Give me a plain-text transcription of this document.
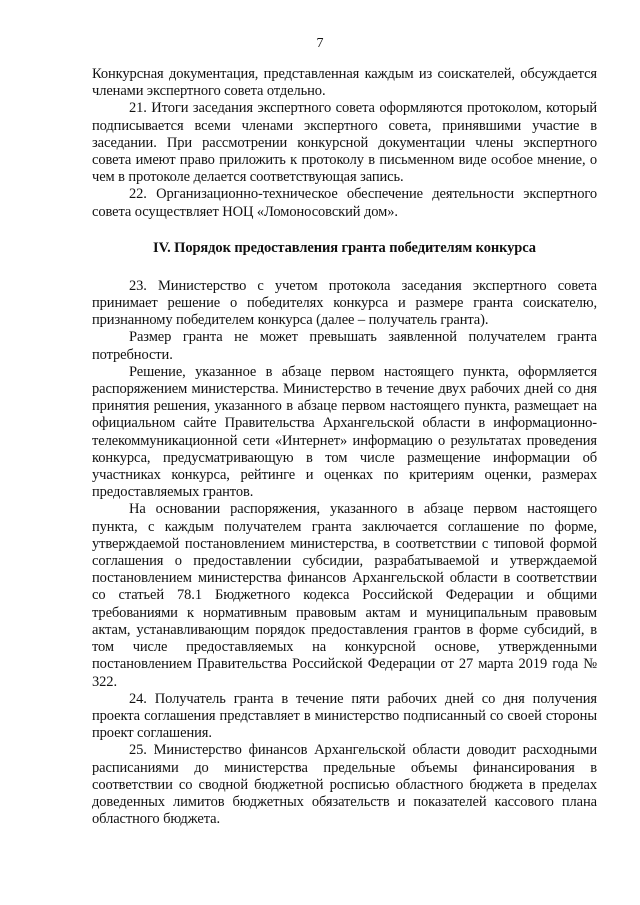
7

Конкурсная документация, представленная каждым из соискателей, обсуждается членами экспертного совета отдельно.

21. Итоги заседания экспертного совета оформляются протоколом, который подписывается всеми членами экспертного совета, принявшими участие в заседании. При рассмотрении конкурсной документации члены экспертного совета имеют право приложить к протоколу в письменном виде особое мнение, о чем в протоколе делается соответствующая запись.

22. Организационно-техническое обеспечение деятельности экспертного совета осуществляет НОЦ «Ломоносовский дом».

IV. Порядок предоставления гранта победителям конкурса

23. Министерство с учетом протокола заседания экспертного совета принимает решение о победителях конкурса и размере гранта соискателю, признанному победителем конкурса (далее – получатель гранта).

Размер гранта не может превышать заявленной получателем гранта потребности.

Решение, указанное в абзаце первом настоящего пункта, оформляется распоряжением министерства. Министерство в течение двух рабочих дней со дня принятия решения, указанного в абзаце первом настоящего пункта, размещает на официальном сайте Правительства Архангельской области в информационно-телекоммуникационной сети «Интернет» информацию о результатах проведения конкурса, предусматривающую в том числе размещение информации об участниках конкурса, рейтинге и оценках по критериям оценки, размерах предоставляемых грантов.

На основании распоряжения, указанного в абзаце первом настоящего пункта, с каждым получателем гранта заключается соглашение по форме, утверждаемой постановлением министерства, в соответствии с типовой формой соглашения о предоставлении субсидии, разрабатываемой и утверждаемой постановлением министерства финансов Архангельской области в соответствии со статьей 78.1 Бюджетного кодекса Российской Федерации и общими требованиями к нормативным правовым актам и муниципальным правовым актам, устанавливающим порядок предоставления грантов в форме субсидий, в том числе предоставляемых на конкурсной основе, утвержденными постановлением Правительства Российской Федерации от 27 марта 2019 года № 322.

24. Получатель гранта в течение пяти рабочих дней со дня получения проекта соглашения представляет в министерство подписанный со своей стороны проект соглашения.

25. Министерство финансов Архангельской области доводит расходными расписаниями до министерства предельные объемы финансирования в соответствии со сводной бюджетной росписью областного бюджета в пределах доведенных лимитов бюджетных обязательств и показателей кассового плана областного бюджета.
